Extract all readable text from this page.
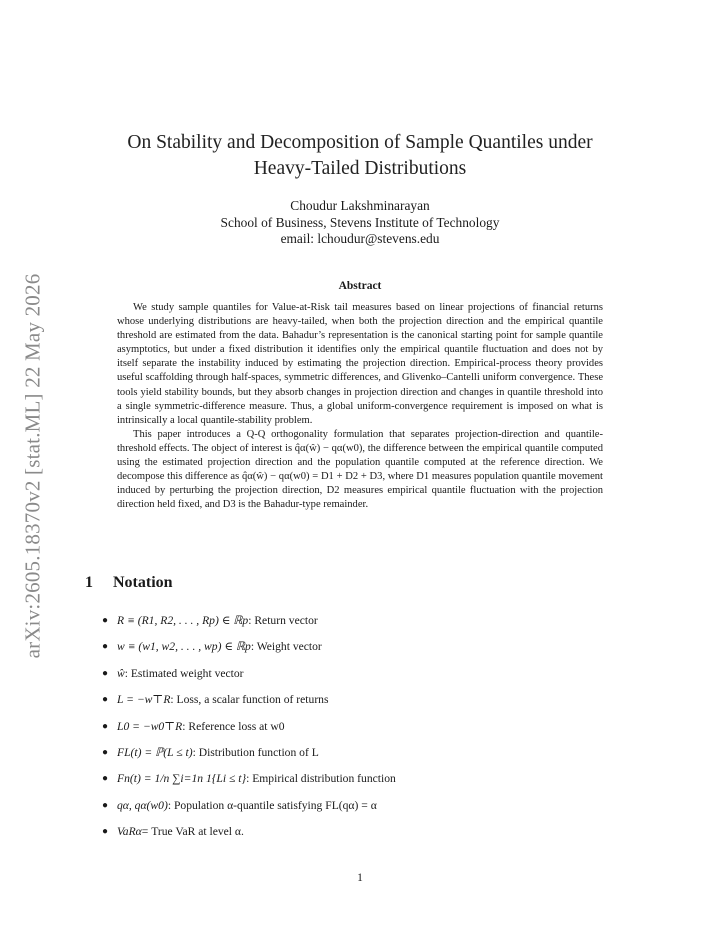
arXiv:2605.18370v2 [stat.ML] 22 May 2026
On Stability and Decomposition of Sample Quantiles under Heavy-Tailed Distributions
Choudur Lakshminarayan
School of Business, Stevens Institute of Technology
email: lchoudur@stevens.edu
Abstract

We study sample quantiles for Value-at-Risk tail measures based on linear projections of financial returns whose underlying distributions are heavy-tailed, when both the projection direction and the empirical quantile threshold are estimated from the data. Bahadur’s representation is the canonical starting point for sample quantile asymptotics, but under a fixed distribution it identifies only the empirical quantile fluctuation and does not by itself separate the instability induced by estimating the projection direction. Empirical-process theory provides useful scaffolding through half-spaces, symmetric differences, and Glivenko–Cantelli uniform convergence. These tools yield stability bounds, but they absorb changes in projection direction and changes in quantile threshold into a single symmetric-difference measure. Thus, a global uniform-convergence requirement is imposed on what is intrinsically a local quantile-stability problem.

This paper introduces a Q-Q orthogonality formulation that separates projection-direction and quantile-threshold effects. The object of interest is q̂α(ŵ) − qα(w0), the difference between the empirical quantile computed using the estimated projection direction and the population quantile computed at the reference direction. We decompose this difference as q̂α(ŵ) − qα(w0) = D1 + D2 + D3, where D1 measures population quantile movement induced by perturbing the projection direction, D2 measures empirical quantile fluctuation with the projection direction held fixed, and D3 is the Bahadur-type remainder.

1 Notation
● R ≡ (R1, R2, . . . , Rp) ∈ ℝp: Return vector
● w ≡ (w1, w2, . . . , wp) ∈ ℝp: Weight vector
● ŵ: Estimated weight vector
● L = −w⊤R: Loss, a scalar function of returns
● L0 = −w0⊤R: Reference loss at w0
● FL(t) = ℙ(L ≤ t): Distribution function of L
● Fn(t) = 1/n ∑i=1n 1{Li ≤ t}: Empirical distribution function
● qα, qα(w0): Population α-quantile satisfying FL(qα) = α
● VaRα= True VaR at level α.
1
